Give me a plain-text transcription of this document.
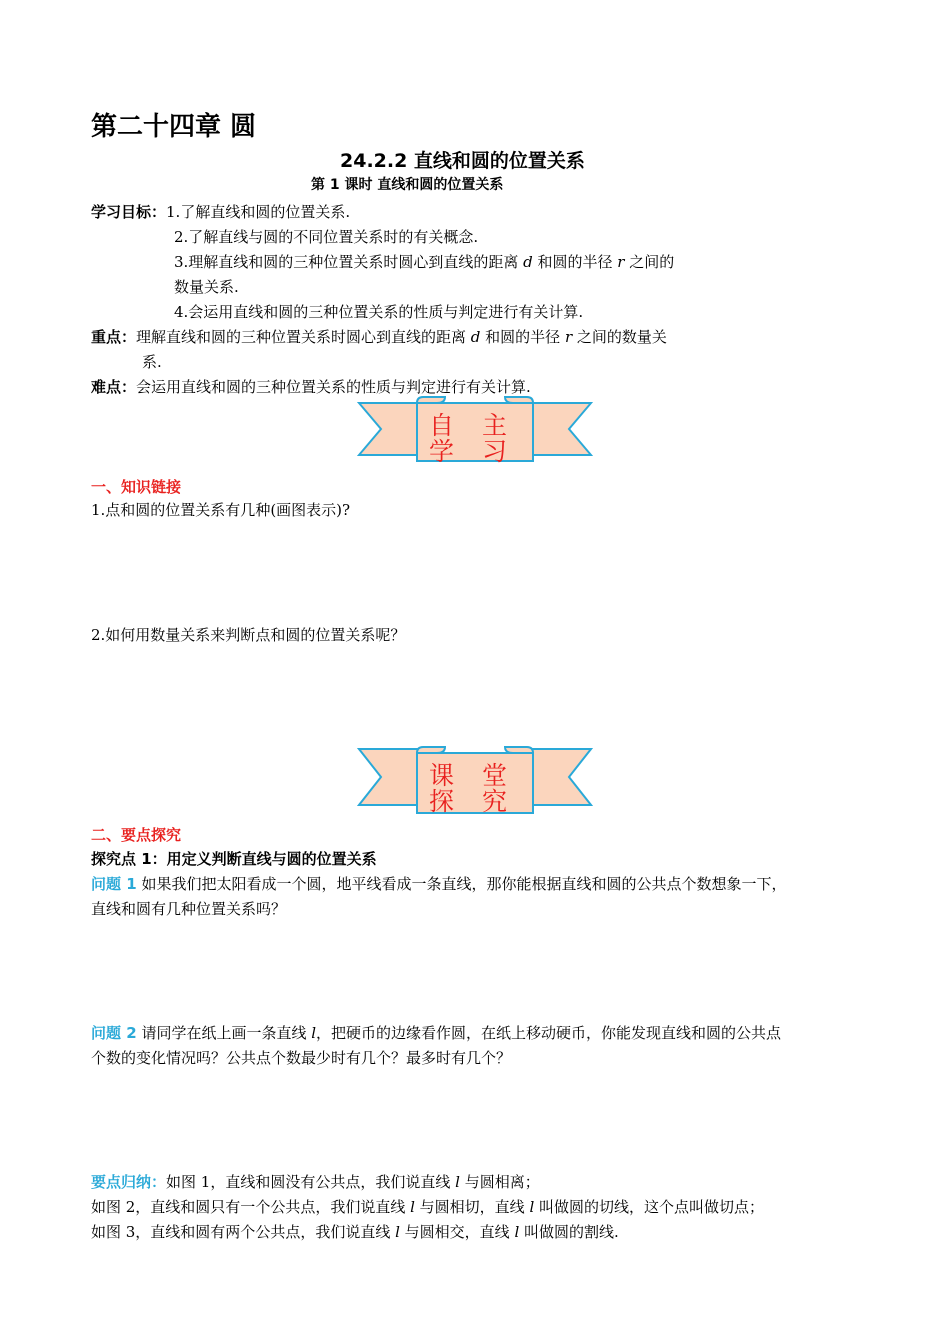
第二十四章 圆
24.2.2 直线和圆的位置关系
第 1 课时 直线和圆的位置关系
学习目标：1.了解直线和圆的位置关系.
2.了解直线与圆的不同位置关系时的有关概念.
3.理解直线和圆的三种位置关系时圆心到直线的距离 d 和圆的半径 r 之间的
数量关系.
4.会运用直线和圆的三种位置关系的性质与判定进行有关计算.
重点：理解直线和圆的三种位置关系时圆心到直线的距离 d 和圆的半径 r 之间的数量关
系.
难点：会运用直线和圆的三种位置关系的性质与判定进行有关计算.
自 主 学 习
一、知识链接
1.点和圆的位置关系有几种(画图表示)?
2.如何用数量关系来判断点和圆的位置关系呢？
课 堂 探 究
二、要点探究
探究点 1：用定义判断直线与圆的位置关系
问题 1 如果我们把太阳看成一个圆，地平线看成一条直线，那你能根据直线和圆的公共点个数想象一下，
直线和圆有几种位置关系吗？
问题 2 请同学在纸上画一条直线 l，把硬币的边缘看作圆，在纸上移动硬币，你能发现直线和圆的公共点
个数的变化情况吗？公共点个数最少时有几个？最多时有几个？
要点归纳：如图 1，直线和圆没有公共点，我们说直线 l 与圆相离；
如图 2，直线和圆只有一个公共点，我们说直线 l 与圆相切，直线 l 叫做圆的切线，这个点叫做切点；
如图 3，直线和圆有两个公共点，我们说直线 l 与圆相交，直线 l 叫做圆的割线.
